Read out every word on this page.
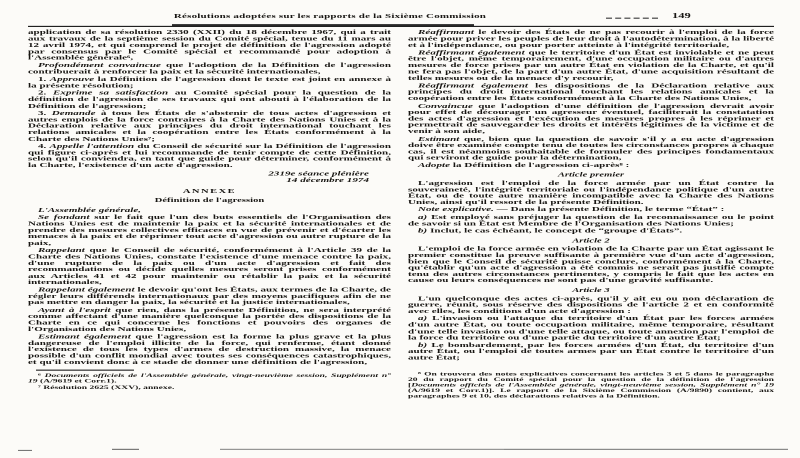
Résolutions adoptées sur les rapports de la Sixième Commission	149
application de sa résolution 2330 (XXII) du 18 décembre 1967, qui a trait aux travaux de la septième session du Comité spécial, tenue du 11 mars au 12 avril 1974, et qui comprend le projet de définition de l'agression adopté par consensus par le Comité spécial et recommandé pour adoption à l'Assemblée générale⁶,
Profondément convaincue que l'adoption de la Définition de l'agression contribuerait à renforcer la paix et la sécurité internationales,
1. Approuve la Définition de l'agression dont le texte est joint en annexe à la présente résolution;
2. Exprime sa satisfaction au Comité spécial pour la question de la définition de l'agression de ses travaux qui ont abouti à l'élaboration de la Définition de l'agression;
3. Demande à tous les États de s'abstenir de tous actes d'agression et autres emplois de la force contraires à la Charte des Nations Unies et à la Déclaration relative aux principes du droit international touchant les relations amicales et la coopération entre les États conformément à la Charte des Nations Unies⁷;
4. Appelle l'attention du Conseil de sécurité sur la Définition de l'agression qui figure ci-après et lui recommande de tenir compte de cette Définition, selon qu'il conviendra, en tant que guide pour déterminer, conformément à la Charte, l'existence d'un acte d'agression.
2319e séance plénière
14 décembre 1974
ANNEXE
Définition de l'agression
L'Assemblée générale,
Se fondant sur le fait que l'un des buts essentiels de l'Organisation des Nations Unies est de maintenir la paix et la sécurité internationales et de prendre des mesures collectives efficaces en vue de prévenir et d'écarter les menaces à la paix et de réprimer tout acte d'agression ou autre rupture de la paix,
Rappelant que le Conseil de sécurité, conformément à l'Article 39 de la Charte des Nations Unies, constate l'existence d'une menace contre la paix, d'une rupture de la paix ou d'un acte d'agression et fait des recommandations ou décide quelles mesures seront prises conformément aux Articles 41 et 42 pour maintenir ou rétablir la paix et la sécurité internationales,
Rappelant également le devoir qu'ont les États, aux termes de la Charte, de régler leurs différends internationaux par des moyens pacifiques afin de ne pas mettre en danger la paix, la sécurité et la justice internationales,
Ayant à l'esprit que rien, dans la présente Définition, ne sera interprété comme affectant d'une manière quelconque la portée des dispositions de la Charte en ce qui concerne les fonctions et pouvoirs des organes de l'Organisation des Nations Unies,
Estimant également que l'agression est la forme la plus grave et la plus dangereuse de l'emploi illicite de la force, qui renferme, étant donné l'existence de tous les types d'armes de destruction massive, la menace possible d'un conflit mondial avec toutes ses conséquences catastrophiques, et qu'il convient donc à ce stade de donner une définition de l'agression,
⁶ Documents officiels de l'Assemblée générale, vingt-neuvième session, Supplément n° 19 (A/9619 et Corr.1).
⁷ Résolution 2625 (XXV), annexe.
Réaffirmant le devoir des États de ne pas recourir à l'emploi de la force armée pour priver les peuples de leur droit à l'autodétermination, à la liberté et à l'indépendance, ou pour porter atteinte à l'intégrité territoriale,
Réaffirmant également que le territoire d'un État est inviolable et ne peut être l'objet, même temporairement, d'une occupation militaire ou d'autres mesures de force prises par un autre État en violation de la Charte, et qu'il ne fera pas l'objet, de la part d'un autre État, d'une acquisition résultant de telles mesures ou de la menace d'y recourir,
Réaffirmant également les dispositions de la Déclaration relative aux principes du droit international touchant les relations amicales et la coopération entre les États conformément à la Charte des Nations Unies,
Convaincue que l'adoption d'une définition de l'agression devrait avoir pour effet de décourager un agresseur éventuel, faciliterait la constatation des actes d'agression et l'exécution des mesures propres à les réprimer et permettrait de sauvegarder les droits et intérêts légitimes de la victime et de venir à son aide,
Estimant que, bien que la question de savoir s'il y a eu acte d'agression doive être examinée compte tenu de toutes les circonstances propres à chaque cas, il est néanmoins souhaitable de formuler des principes fondamentaux qui serviront de guide pour la détermination,
Adopte la Définition de l'agression ci-après⁸ :
Article premier
L'agression est l'emploi de la force armée par un État contre la souveraineté, l'intégrité territoriale ou l'indépendance politique d'un autre État, ou de toute autre manière incompatible avec la Charte des Nations Unies, ainsi qu'il ressort de la présente Définition.
Note explicative. — Dans la présente Définition, le terme “État” :
a) Est employé sans préjuger la question de la reconnaissance ou le point de savoir si un État est Membre de l'Organisation des Nations Unies;
b) Inclut, le cas échéant, le concept de “groupe d'États”.
Article 2
L'emploi de la force armée en violation de la Charte par un État agissant le premier constitue la preuve suffisante à première vue d'un acte d'agression, bien que le Conseil de sécurité puisse conclure, conformément à la Charte, qu'établir qu'un acte d'agression a été commis ne serait pas justifié compte tenu des autres circonstances pertinentes, y compris le fait que les actes en cause ou leurs conséquences ne sont pas d'une gravité suffisante.
Article 3
L'un quelconque des actes ci-après, qu'il y ait eu ou non déclaration de guerre, réunit, sous réserve des dispositions de l'article 2 et en conformité avec elles, les conditions d'un acte d'agression :
a) L'invasion ou l'attaque du territoire d'un État par les forces armées d'un autre État, ou toute occupation militaire, même temporaire, résultant d'une telle invasion ou d'une telle attaque, ou toute annexion par l'emploi de la force du territoire ou d'une partie du territoire d'un autre État;
b) Le bombardement, par les forces armées d'un État, du territoire d'un autre État, ou l'emploi de toutes armes par un État contre le territoire d'un autre État;
⁸ On trouvera des notes explicatives concernant les articles 3 et 5 dans le paragraphe 20 du rapport du Comité spécial pour la question de la définition de l'agression [Documents officiels de l'Assemblée générale, vingt-neuvième session, Supplément n° 19 (A/9619 et Corr.1)]. Le rapport de la Sixième Commission (A/9890) contient, aux paragraphes 9 et 10, des déclarations relatives à la Définition.
